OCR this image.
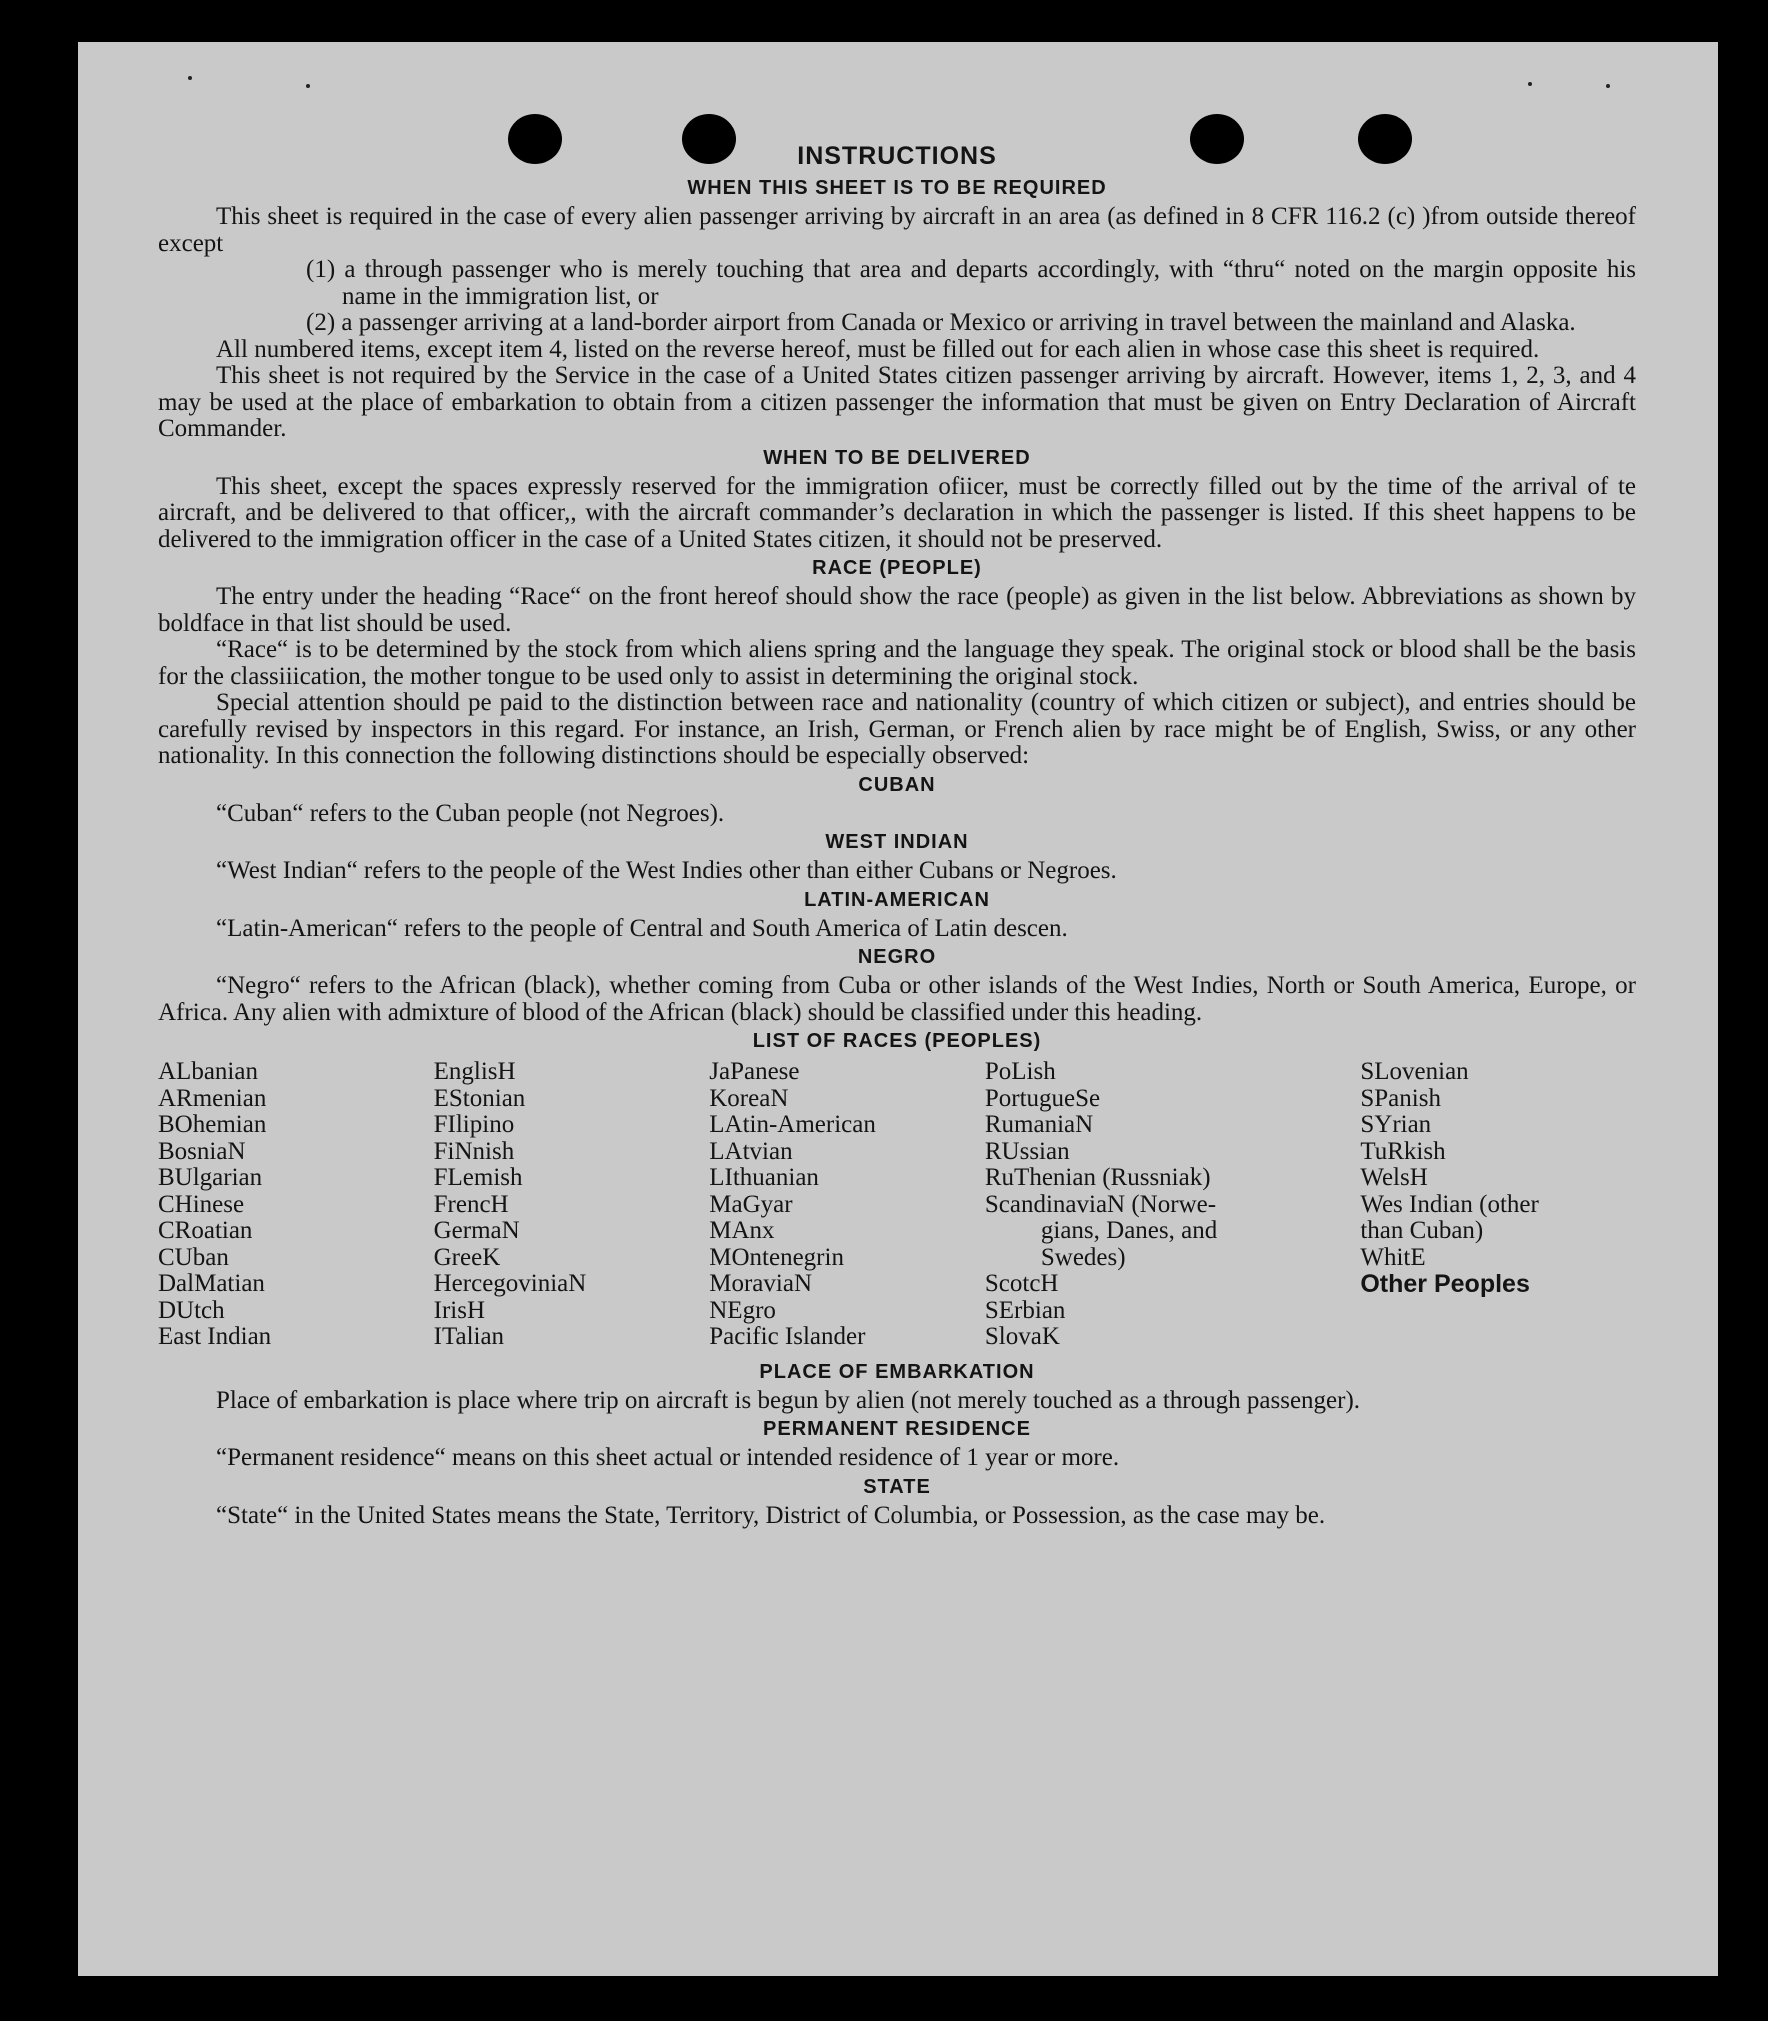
INSTRUCTIONS
WHEN THIS SHEET IS TO BE REQUIRED

This sheet is required in the case of every alien passenger arriving by aircraft in an area (as defined in 8 CFR 116.2 (c) )from outside thereof except

(1) a through passenger who is merely touching that area and departs accordingly, with “thru“ noted on the margin opposite his name in the immigration list, or

(2) a passenger arriving at a land-border airport from Canada or Mexico or arriving in travel between the mainland and Alaska.

All numbered items, except item 4, listed on the reverse hereof, must be filled out for each alien in whose case this sheet is required.

This sheet is not required by the Service in the case of a United States citizen passenger arriving by aircraft. However, items 1, 2, 3, and 4 may be used at the place of embarkation to obtain from a citizen passenger the information that must be given on Entry Declaration of Aircraft Commander.

WHEN TO BE DELIVERED

This sheet, except the spaces expressly reserved for the immigration ofiicer, must be correctly filled out by the time of the arrival of te aircraft, and be delivered to that officer,, with the aircraft commander’s declaration in which the passenger is listed. If this sheet happens to be delivered to the immigration officer in the case of a United States citizen, it should not be preserved.

RACE (PEOPLE)

The entry under the heading “Race“ on the front hereof should show the race (people) as given in the list below. Abbreviations as shown by boldface in that list should be used.

“Race“ is to be determined by the stock from which aliens spring and the language they speak. The original stock or blood shall be the basis for the classiiication, the mother tongue to be used only to assist in determining the original stock.

Special attention should pe paid to the distinction between race and nationality (country of which citizen or subject), and entries should be carefully revised by inspectors in this regard. For instance, an Irish, German, or French alien by race might be of English, Swiss, or any other nationality. In this connection the following distinctions should be especially observed:

CUBAN

“Cuban“ refers to the Cuban people (not Negroes).

WEST INDIAN

“West Indian“ refers to the people of the West Indies other than either Cubans or Negroes.

LATIN-AMERICAN

“Latin-American“ refers to the people of Central and South America of Latin descen.

NEGRO

“Negro“ refers to the African (black), whether coming from Cuba or other islands of the West Indies, North or South America, Europe, or Africa. Any alien with admixture of blood of the African (black) should be classified under this heading.

LIST OF RACES (PEOPLES)
ALbanian
ARmenian
BOhemian
BosniaN
BUlgarian
CHinese
CRoatian
CUban
DalMatian
DUtch
East Indian
EnglisH
EStonian
FIlipino
FiNnish
FLemish
FrencH
GermaN
GreeK
HercegoviniaN
IrisH
ITalian
JaPanese
KoreaN
LAtin-American
LAtvian
LIthuanian
MaGyar
MAnx
MOntenegrin
MoraviaN
NEgro
Pacific Islander
PoLish
PortugueSe
RumaniaN
RUssian
RuThenian (Russniak)
ScandinaviaN (Norwe-
gians, Danes, and
Swedes)
ScotcH
SErbian
SlovaK
SLovenian
SPanish
SYrian
TuRkish
WelsH
Wes Indian (other
than Cuban)
WhitE
Other Peoples
PLACE OF EMBARKATION

Place of embarkation is place where trip on aircraft is begun by alien (not merely touched as a through passenger).

PERMANENT RESIDENCE

“Permanent residence“ means on this sheet actual or intended residence of 1 year or more.

STATE

“State“ in the United States means the State, Territory, District of Columbia, or Possession, as the case may be.
